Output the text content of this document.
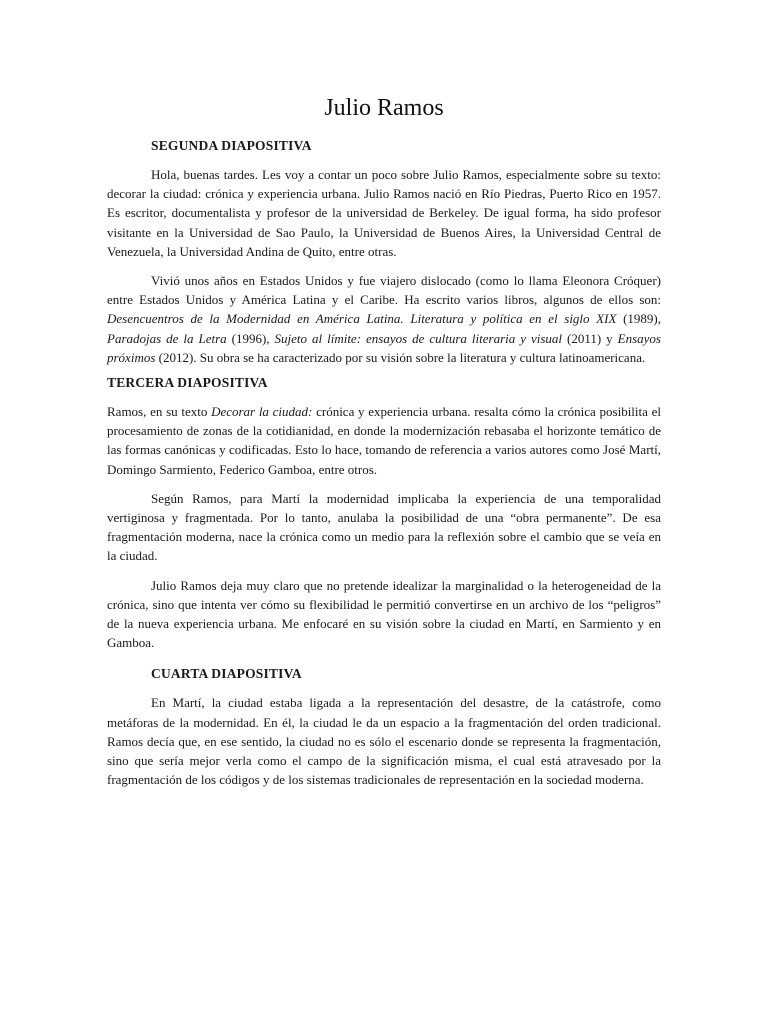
Julio Ramos
SEGUNDA DIAPOSITIVA

Hola, buenas tardes. Les voy a contar un poco sobre Julio Ramos, especialmente sobre su texto: decorar la ciudad: crónica y experiencia urbana. Julio Ramos nació en Río Piedras, Puerto Rico en 1957. Es escritor, documentalista y profesor de la universidad de Berkeley. De igual forma, ha sido profesor visitante en la Universidad de Sao Paulo, la Universidad de Buenos Aires, la Universidad Central de Venezuela, la Universidad Andina de Quito, entre otras.

Vivió unos años en Estados Unidos y fue viajero dislocado (como lo llama Eleonora Cróquer) entre Estados Unidos y América Latina y el Caribe. Ha escrito varios libros, algunos de ellos son: Desencuentros de la Modernidad en América Latina. Literatura y política en el siglo XIX (1989), Paradojas de la Letra (1996), Sujeto al límite: ensayos de cultura literaria y visual (2011) y Ensayos próximos (2012). Su obra se ha caracterizado por su visión sobre la literatura y cultura latinoamericana.

TERCERA DIAPOSITIVA

Ramos, en su texto Decorar la ciudad: crónica y experiencia urbana. resalta cómo la crónica posibilita el procesamiento de zonas de la cotidianidad, en donde la modernización rebasaba el horizonte temático de las formas canónicas y codificadas. Esto lo hace, tomando de referencia a varios autores como José Martí, Domingo Sarmiento, Federico Gamboa, entre otros.

Según Ramos, para Martí la modernidad implicaba la experiencia de una temporalidad vertiginosa y fragmentada. Por lo tanto, anulaba la posibilidad de una “obra permanente”. De esa fragmentación moderna, nace la crónica como un medio para la reflexión sobre el cambio que se veía en la ciudad.

Julio Ramos deja muy claro que no pretende idealizar la marginalidad o la heterogeneidad de la crónica, sino que intenta ver cómo su flexibilidad le permitió convertirse en un archivo de los “peligros” de la nueva experiencia urbana. Me enfocaré en su visión sobre la ciudad en Martí, en Sarmiento y en Gamboa.

CUARTA DIAPOSITIVA

En Martí, la ciudad estaba ligada a la representación del desastre, de la catástrofe, como metáforas de la modernidad. En él, la ciudad le da un espacio a la fragmentación del orden tradicional. Ramos decía que, en ese sentido, la ciudad no es sólo el escenario donde se representa la fragmentación, sino que sería mejor verla como el campo de la significación misma, el cual está atravesado por la fragmentación de los códigos y de los sistemas tradicionales de representación en la sociedad moderna.
